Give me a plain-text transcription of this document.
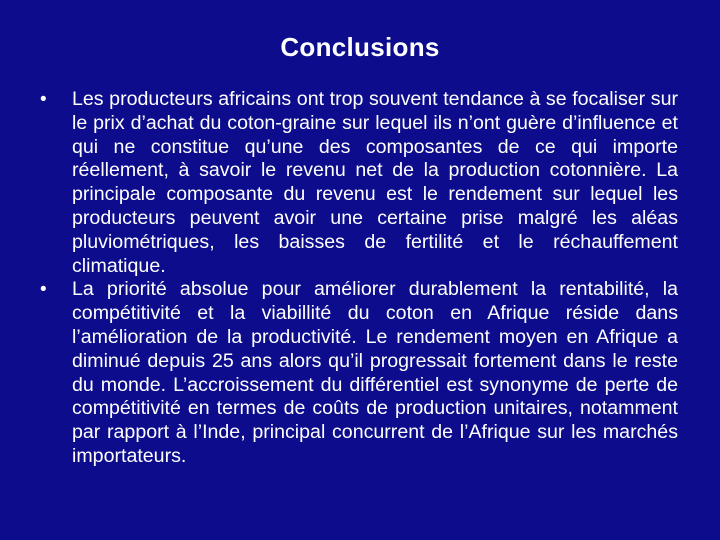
Conclusions
•	Les producteurs africains ont trop souvent tendance à se focaliser sur le prix d’achat du coton-graine sur lequel ils n’ont guère d’influence et qui ne constitue qu’une des composantes de ce qui importe réellement, à savoir le revenu net de la production cotonnière. La principale composante du revenu est le rendement sur lequel les producteurs peuvent avoir une certaine prise malgré les aléas pluviométriques, les baisses de fertilité et le réchauffement climatique.
•	La priorité absolue pour améliorer durablement la rentabilité, la compétitivité et la viabillité du coton en Afrique réside dans l’amélioration de la productivité. Le rendement moyen en Afrique a diminué depuis 25 ans alors qu’il progressait fortement dans le reste du monde. L’accroissement du différentiel est synonyme de perte de compétitivité en termes de coûts de production unitaires, notamment par rapport à l’Inde, principal concurrent de l’Afrique sur les marchés importateurs.
